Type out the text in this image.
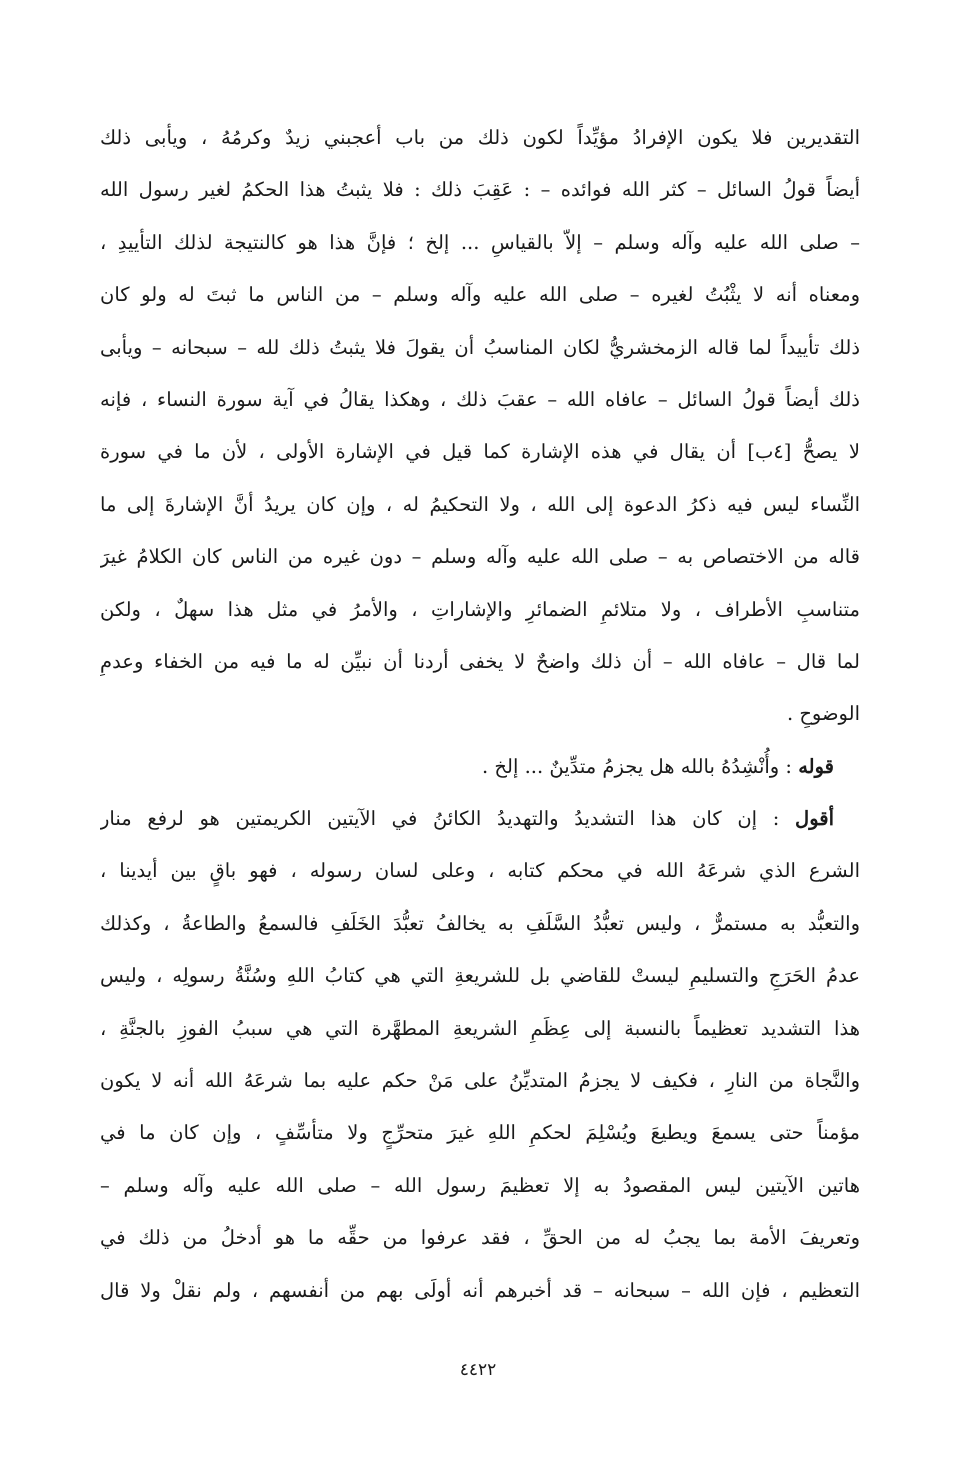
التقديرين فلا يكون الإفرادُ مؤيِّداً لكون ذلك من باب أعجبني زيدٌ وكرمُهُ ، ويأبى ذلك
أيضاً قولُ السائل – كثر الله فوائده – : عَقِبَ ذلك : فلا يثبتُ هذا الحكمُ لغير رسول الله
– صلى الله عليه وآله وسلم – إلاّ بالقياسِ ... إلخ ؛ فإنَّ هذا هو كالنتيجة لذلك التأييدِ ،
ومعناه أنه لا يثْبُتُ لغيره – صلى الله عليه وآله وسلم – من الناس ما ثبتَ له ولو كان
ذلك تأييداً لما قاله الزمخشريُّ لكان المناسبُ أن يقولَ فلا يثبتُ ذلك لله – سبحانه – ويأبى
ذلك أيضاً قولُ السائل – عافاه الله – عقبَ ذلك ، وهكذا يقالُ في آية سورة النساء ، فإنه
لا يصحُّ [٤ب] أن يقال في هذه الإشارة كما قيل في الإشارة الأولى ، لأن ما في سورة
النِّساء ليس فيه ذكرُ الدعوة إلى الله ، ولا التحكيمُ له ، وإن كان يريدُ أنَّ الإشارةَ إلى ما
قاله من الاختصاص به – صلى الله عليه وآله وسلم – دون غيره من الناس كان الكلامُ غيرَ
متناسبِ الأطراف ، ولا متلائمِ الضمائرِ والإشاراتِ ، والأمرُ في مثل هذا سهلٌ ، ولكن
لما قال – عافاه الله – أن ذلك واضحٌ لا يخفى أردنا أن نبيِّن له ما فيه من الخفاء وعدمِ
الوضوحِ .
قوله : وأُنْشِدُهُ بالله هل يجزمُ متدِّينٌ ... إلخ .
أقول : إن كان هذا التشديدُ والتهديدُ الكائنُ في الآيتين الكريمتين هو لرفع منار
الشرع الذي شرعَهُ الله في محكم كتابه ، وعلى لسان رسوله ، فهو باقٍ بين أيدينا ،
والتعبُّد به مستمرٌّ ، وليس تعبُّدُ السَّلَفِ به يخالفُ تعبُّدَ الخَلَفِ فالسمعُ والطاعةُ ، وكذلك
عدمُ الحَرَجِ والتسليمِ ليستْ للقاضي بل للشريعةِ التي هي كتابُ اللهِ وسُنَّةُ رسولِه ، وليس
هذا التشديد تعظيماً بالنسبة إلى عِظَمِ الشريعةِ المطهَّرة التي هي سببُ الفوزِ بالجنَّةِ ،
والنَّجاة من النارِ ، فكيف لا يجزمُ المتديِّنُ على مَنْ حكم عليه بما شرعَهُ الله أنه لا يكون
مؤمناً حتى يسمعَ ويطيعَ ويُسْلِمَ لحكمِ اللهِ غيرَ متحرِّجٍ ولا متأسِّفٍ ، وإن كان ما في
هاتين الآيتين ليس المقصودُ به إلا تعظيمَ رسول الله – صلى الله عليه وآله وسلم –
وتعريفَ الأمة بما يجبُ له من الحقِّ ، فقد عرفوا من حقِّه ما هو أدخلُ من ذلك في
التعظيم ، فإن الله – سبحانه – قد أخبرهم أنه أولَى بهم من أنفسهم ، ولم نقلْ ولا قال
٤٤٢٢
